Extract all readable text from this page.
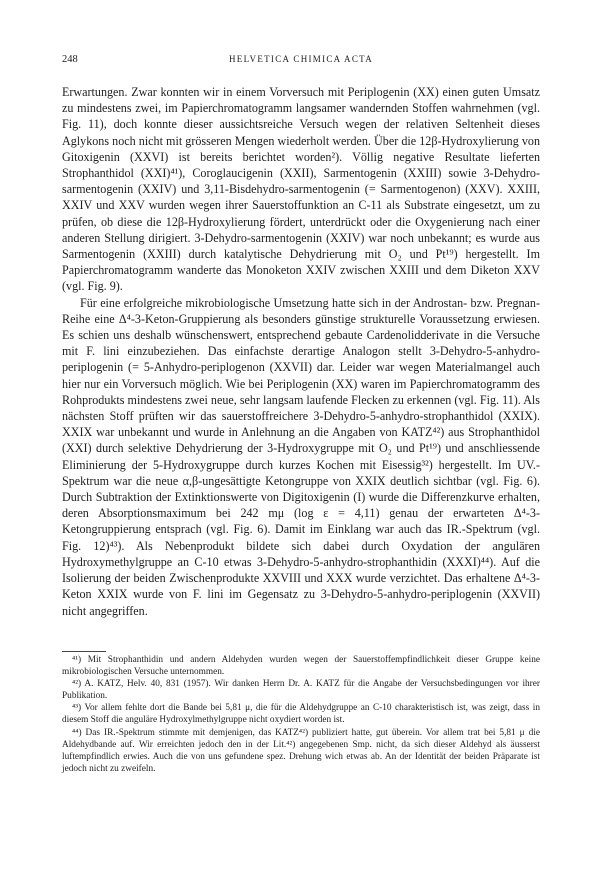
248	HELVETICA CHIMICA ACTA

Erwartungen. Zwar konnten wir in einem Vorversuch mit Periplogenin (XX) einen guten Umsatz zu mindestens zwei, im Papierchromatogramm langsamer wandernden Stoffen wahrnehmen (vgl. Fig. 11), doch konnte dieser aussichtsreiche Versuch wegen der relativen Seltenheit dieses Aglykons noch nicht mit grösseren Mengen wiederholt werden. Über die 12β-Hydroxylierung von Gitoxigenin (XXVI) ist bereits berichtet worden²). Völlig negative Resultate lieferten Strophanthidol (XXI)⁴¹), Coroglaucigenin (XXII), Sarmentogenin (XXIII) sowie 3-Dehydro-sarmentogenin (XXIV) und 3,11-Bisdehydro-sarmentogenin (= Sarmentogenon) (XXV). XXIII, XXIV und XXV wurden wegen ihrer Sauerstoffunktion an C-11 als Substrate eingesetzt, um zu prüfen, ob diese die 12β-Hydroxylierung fördert, unterdrückt oder die Oxygenierung nach einer anderen Stellung dirigiert. 3-Dehydro-sarmentogenin (XXIV) war noch unbekannt; es wurde aus Sarmentogenin (XXIII) durch katalytische Dehydrierung mit O₂ und Pt¹⁹) hergestellt. Im Papierchromatogramm wanderte das Monoketon XXIV zwischen XXIII und dem Diketon XXV (vgl. Fig. 9).

Für eine erfolgreiche mikrobiologische Umsetzung hatte sich in der Androstan- bzw. Pregnan-Reihe eine Δ⁴-3-Keton-Gruppierung als besonders günstige strukturelle Voraussetzung erwiesen. Es schien uns deshalb wünschenswert, entsprechend gebaute Cardenolidderivate in die Versuche mit F. lini einzubeziehen. Das einfachste derartige Analogon stellt 3-Dehydro-5-anhydro-periplogenin (= 5-Anhydro-periplogenon (XXVII) dar. Leider war wegen Materialmangel auch hier nur ein Vorversuch möglich. Wie bei Periplogenin (XX) waren im Papierchromatogramm des Rohprodukts mindestens zwei neue, sehr langsam laufende Flecken zu erkennen (vgl. Fig. 11). Als nächsten Stoff prüften wir das sauerstoffreichere 3-Dehydro-5-anhydro-strophanthidol (XXIX). XXIX war unbekannt und wurde in Anlehnung an die Angaben von KATZ⁴²) aus Strophanthidol (XXI) durch selektive Dehydrierung der 3-Hydroxygruppe mit O₂ und Pt¹⁹) und anschliessende Eliminierung der 5-Hydroxygruppe durch kurzes Kochen mit Eisessig³²) hergestellt. Im UV.-Spektrum war die neue α,β-ungesättigte Ketongruppe von XXIX deutlich sichtbar (vgl. Fig. 6). Durch Subtraktion der Extinktionswerte von Digitoxigenin (I) wurde die Differenzkurve erhalten, deren Absorptionsmaximum bei 242 mμ (log ε = 4,11) genau der erwarteten Δ⁴-3-Ketongruppierung entsprach (vgl. Fig. 6). Damit im Einklang war auch das IR.-Spektrum (vgl. Fig. 12)⁴³). Als Nebenprodukt bildete sich dabei durch Oxydation der angulären Hydroxymethylgruppe an C-10 etwas 3-Dehydro-5-anhydro-strophanthidin (XXXI)⁴⁴). Auf die Isolierung der beiden Zwischenprodukte XXVIII und XXX wurde verzichtet. Das erhaltene Δ⁴-3-Keton XXIX wurde von F. lini im Gegensatz zu 3-Dehydro-5-anhydro-periplogenin (XXVII) nicht angegriffen.

⁴¹) Mit Strophanthidin und andern Aldehyden wurden wegen der Sauerstoffempfindlichkeit dieser Gruppe keine mikrobiologischen Versuche unternommen.

⁴²) A. KATZ, Helv. 40, 831 (1957). Wir danken Herrn Dr. A. KATZ für die Angabe der Versuchsbedingungen vor ihrer Publikation.

⁴³) Vor allem fehlte dort die Bande bei 5,81 μ, die für die Aldehydgruppe an C-10 charakteristisch ist, was zeigt, dass in diesem Stoff die anguläre Hydroxylmethylgruppe nicht oxydiert worden ist.

⁴⁴) Das IR.-Spektrum stimmte mit demjenigen, das KATZ⁴²) publiziert hatte, gut überein. Vor allem trat bei 5,81 μ die Aldehydbande auf. Wir erreichten jedoch den in der Lit.⁴²) angegebenen Smp. nicht, da sich dieser Aldehyd als äusserst luftempfindlich erwies. Auch die von uns gefundene spez. Drehung wich etwas ab. An der Identität der beiden Präparate ist jedoch nicht zu zweifeln.
